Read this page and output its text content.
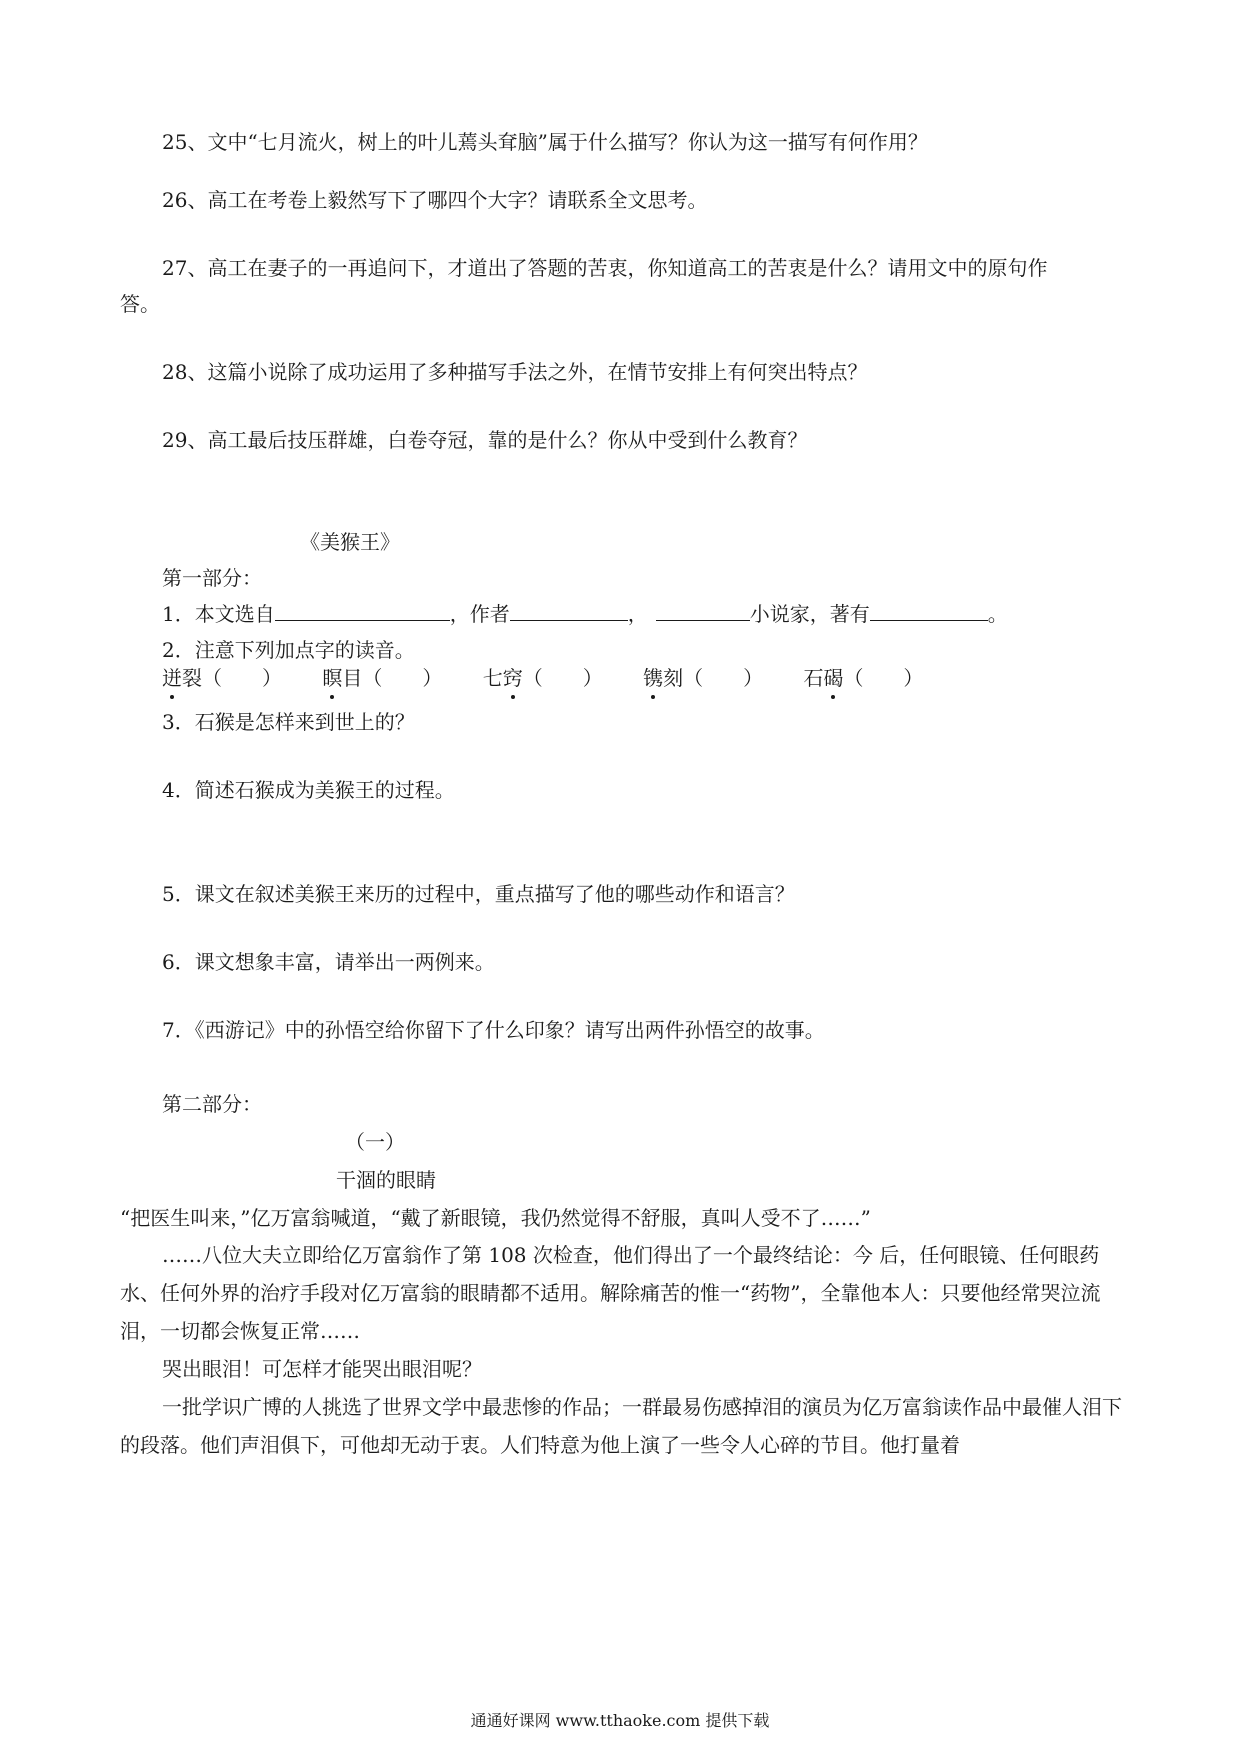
25、文中“七月流火，树上的叶儿蔫头耷脑”属于什么描写？你认为这一描写有何作用？
26、高工在考卷上毅然写下了哪四个大字？请联系全文思考。
27、高工在妻子的一再追问下，才道出了答题的苦衷，你知道高工的苦衷是什么？请用文中的原句作
答。
28、这篇小说除了成功运用了多种描写手法之外，在情节安排上有何突出特点？
29、高工最后技压群雄，白卷夺冠，靠的是什么？你从中受到什么教育？
《美猴王》
第一部分：
1．本文选自	，作者	，	小说家，著有	。
2．注意下列加点字的读音。
迸裂（　　） 瞑目（　　） 七窍（　　） 镌刻（　　） 石碣（　　）
3．石猴是怎样来到世上的？
4．简述石猴成为美猴王的过程。
5．课文在叙述美猴王来历的过程中，重点描写了他的哪些动作和语言？
6．课文想象丰富，请举出一两例来。
7．《西游记》中的孙悟空给你留下了什么印象？请写出两件孙悟空的故事。
第二部分：
（一）
干涸的眼睛
“把医生叫来，”亿万富翁喊道，“戴了新眼镜，我仍然觉得不舒服，真叫人受不了……”
……八位大夫立即给亿万富翁作了第 108 次检查，他们得出了一个最终结论：今 后，任何眼镜、任何眼药水、任何外界的治疗手段对亿万富翁的眼睛都不适用。解除痛苦的惟一“药物”，全靠他本人：只要他经常哭泣流泪，一切都会恢复正常……
哭出眼泪！可怎样才能哭出眼泪呢？
一批学识广博的人挑选了世界文学中最悲惨的作品；一群最易伤感掉泪的演员为亿万富翁读作品中最催人泪下的段落。他们声泪俱下，可他却无动于衷。人们特意为他上演了一些令人心碎的节目。他打量着
通通好课网 www.tthaoke.com 提供下载
